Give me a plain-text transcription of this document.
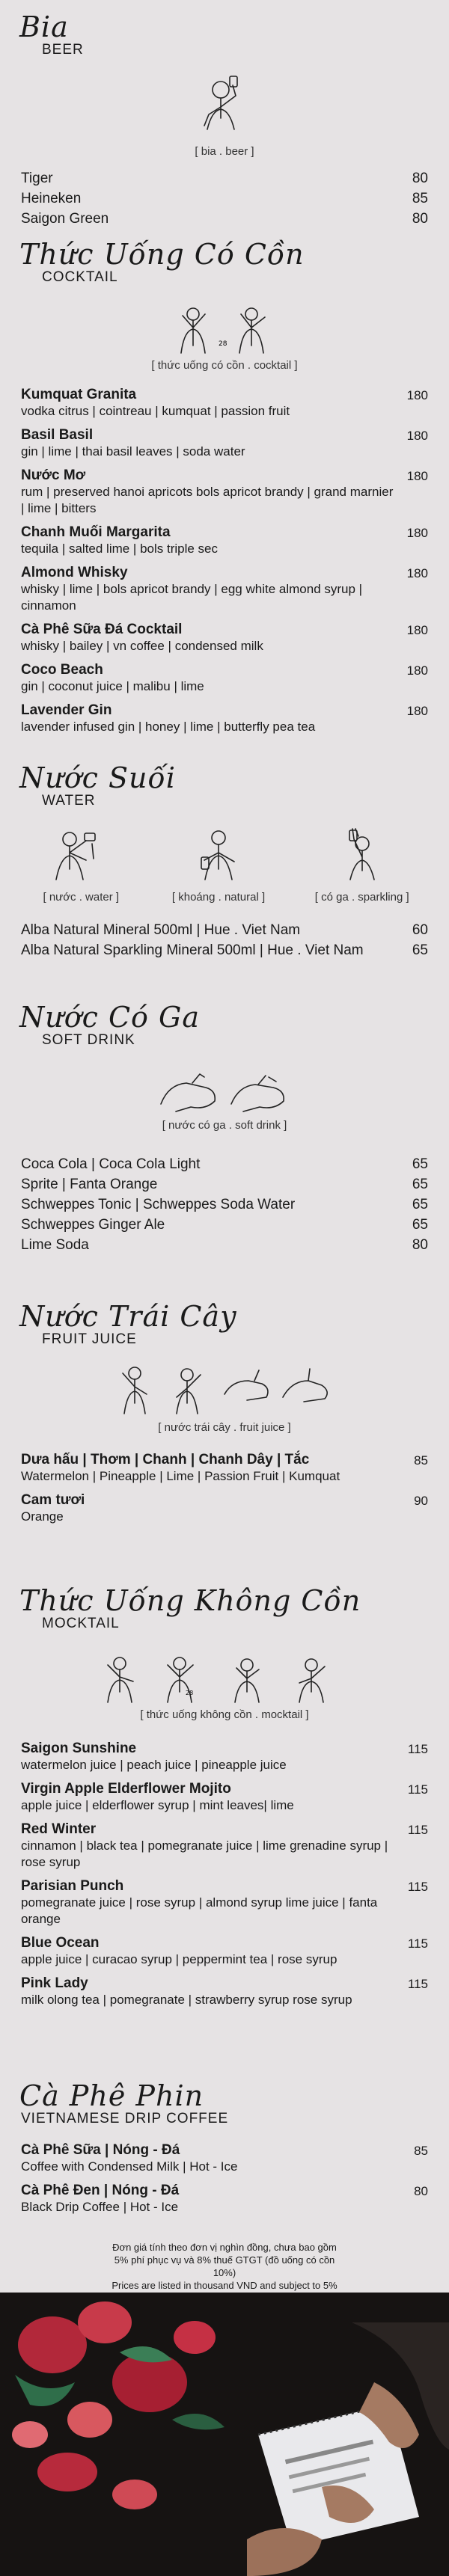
Bia
BEER
[ bia . beer ]
Tiger	80
Heineken	85
Saigon Green	80
Thức Uống Có Cồn
COCKTAIL
28
[ thức uống có cồn . cocktail ]
Kumquat Granita	180
vodka citrus | cointreau | kumquat | passion fruit
Basil Basil	180
gin | lime | thai basil leaves | soda water
Nước Mơ	180
rum | preserved hanoi apricots bols apricot brandy | grand marnier | lime | bitters
Chanh Muối Margarita	180
tequila | salted lime | bols triple sec
Almond Whisky	180
whisky | lime | bols apricot brandy | egg white almond syrup | cinnamon
Cà Phê Sữa Đá Cocktail	180
whisky | bailey | vn coffee | condensed milk
Coco Beach	180
gin | coconut juice | malibu | lime
Lavender Gin	180
lavender infused gin | honey | lime | butterfly pea tea
Nước Suối
WATER
[ nước . water ]	[ khoáng . natural ]	[ có ga . sparkling ]
Alba Natural Mineral 500ml | Hue . Viet Nam	60
Alba Natural Sparkling Mineral 500ml | Hue . Viet Nam	65
Nước Có Ga
SOFT DRINK
[ nước có ga . soft drink ]
Coca Cola | Coca Cola Light	65
Sprite | Fanta Orange	65
Schweppes Tonic | Schweppes Soda Water	65
Schweppes Ginger Ale	65
Lime Soda	80
Nước Trái Cây
FRUIT JUICE
[ nước trái cây . fruit juice ]
Dưa hấu | Thơm | Chanh | Chanh Dây | Tắc	85
Watermelon | Pineapple | Lime | Passion Fruit | Kumquat
Cam tươi	90
Orange
Thức Uống Không Cồn
MOCKTAIL
28
[ thức uống không cồn . mocktail ]
Saigon Sunshine	115
watermelon juice | peach juice | pineapple juice
Virgin Apple Elderflower Mojito	115
apple juice | elderflower syrup | mint leaves| lime
Red Winter	115
cinnamon | black tea | pomegranate juice | lime grenadine syrup | rose syrup
Parisian Punch	115
pomegranate juice | rose syrup | almond syrup lime juice | fanta orange
Blue Ocean	115
apple juice | curacao syrup | peppermint tea | rose syrup
Pink Lady	115
milk olong tea | pomegranate | strawberry syrup rose syrup
Cà Phê Phin
VIETNAMESE DRIP COFFEE
Cà Phê Sữa | Nóng - Đá	85
Coffee with Condensed Milk | Hot - Ice
Cà Phê Đen | Nóng - Đá	80
Black Drip Coffee | Hot - Ice
Đơn giá tính theo đơn vị nghìn đồng, chưa bao gồm 5% phí phục vụ và 8% thuế GTGT (đồ uống có cồn 10%)
Prices are listed in thousand VND and subject to 5%
